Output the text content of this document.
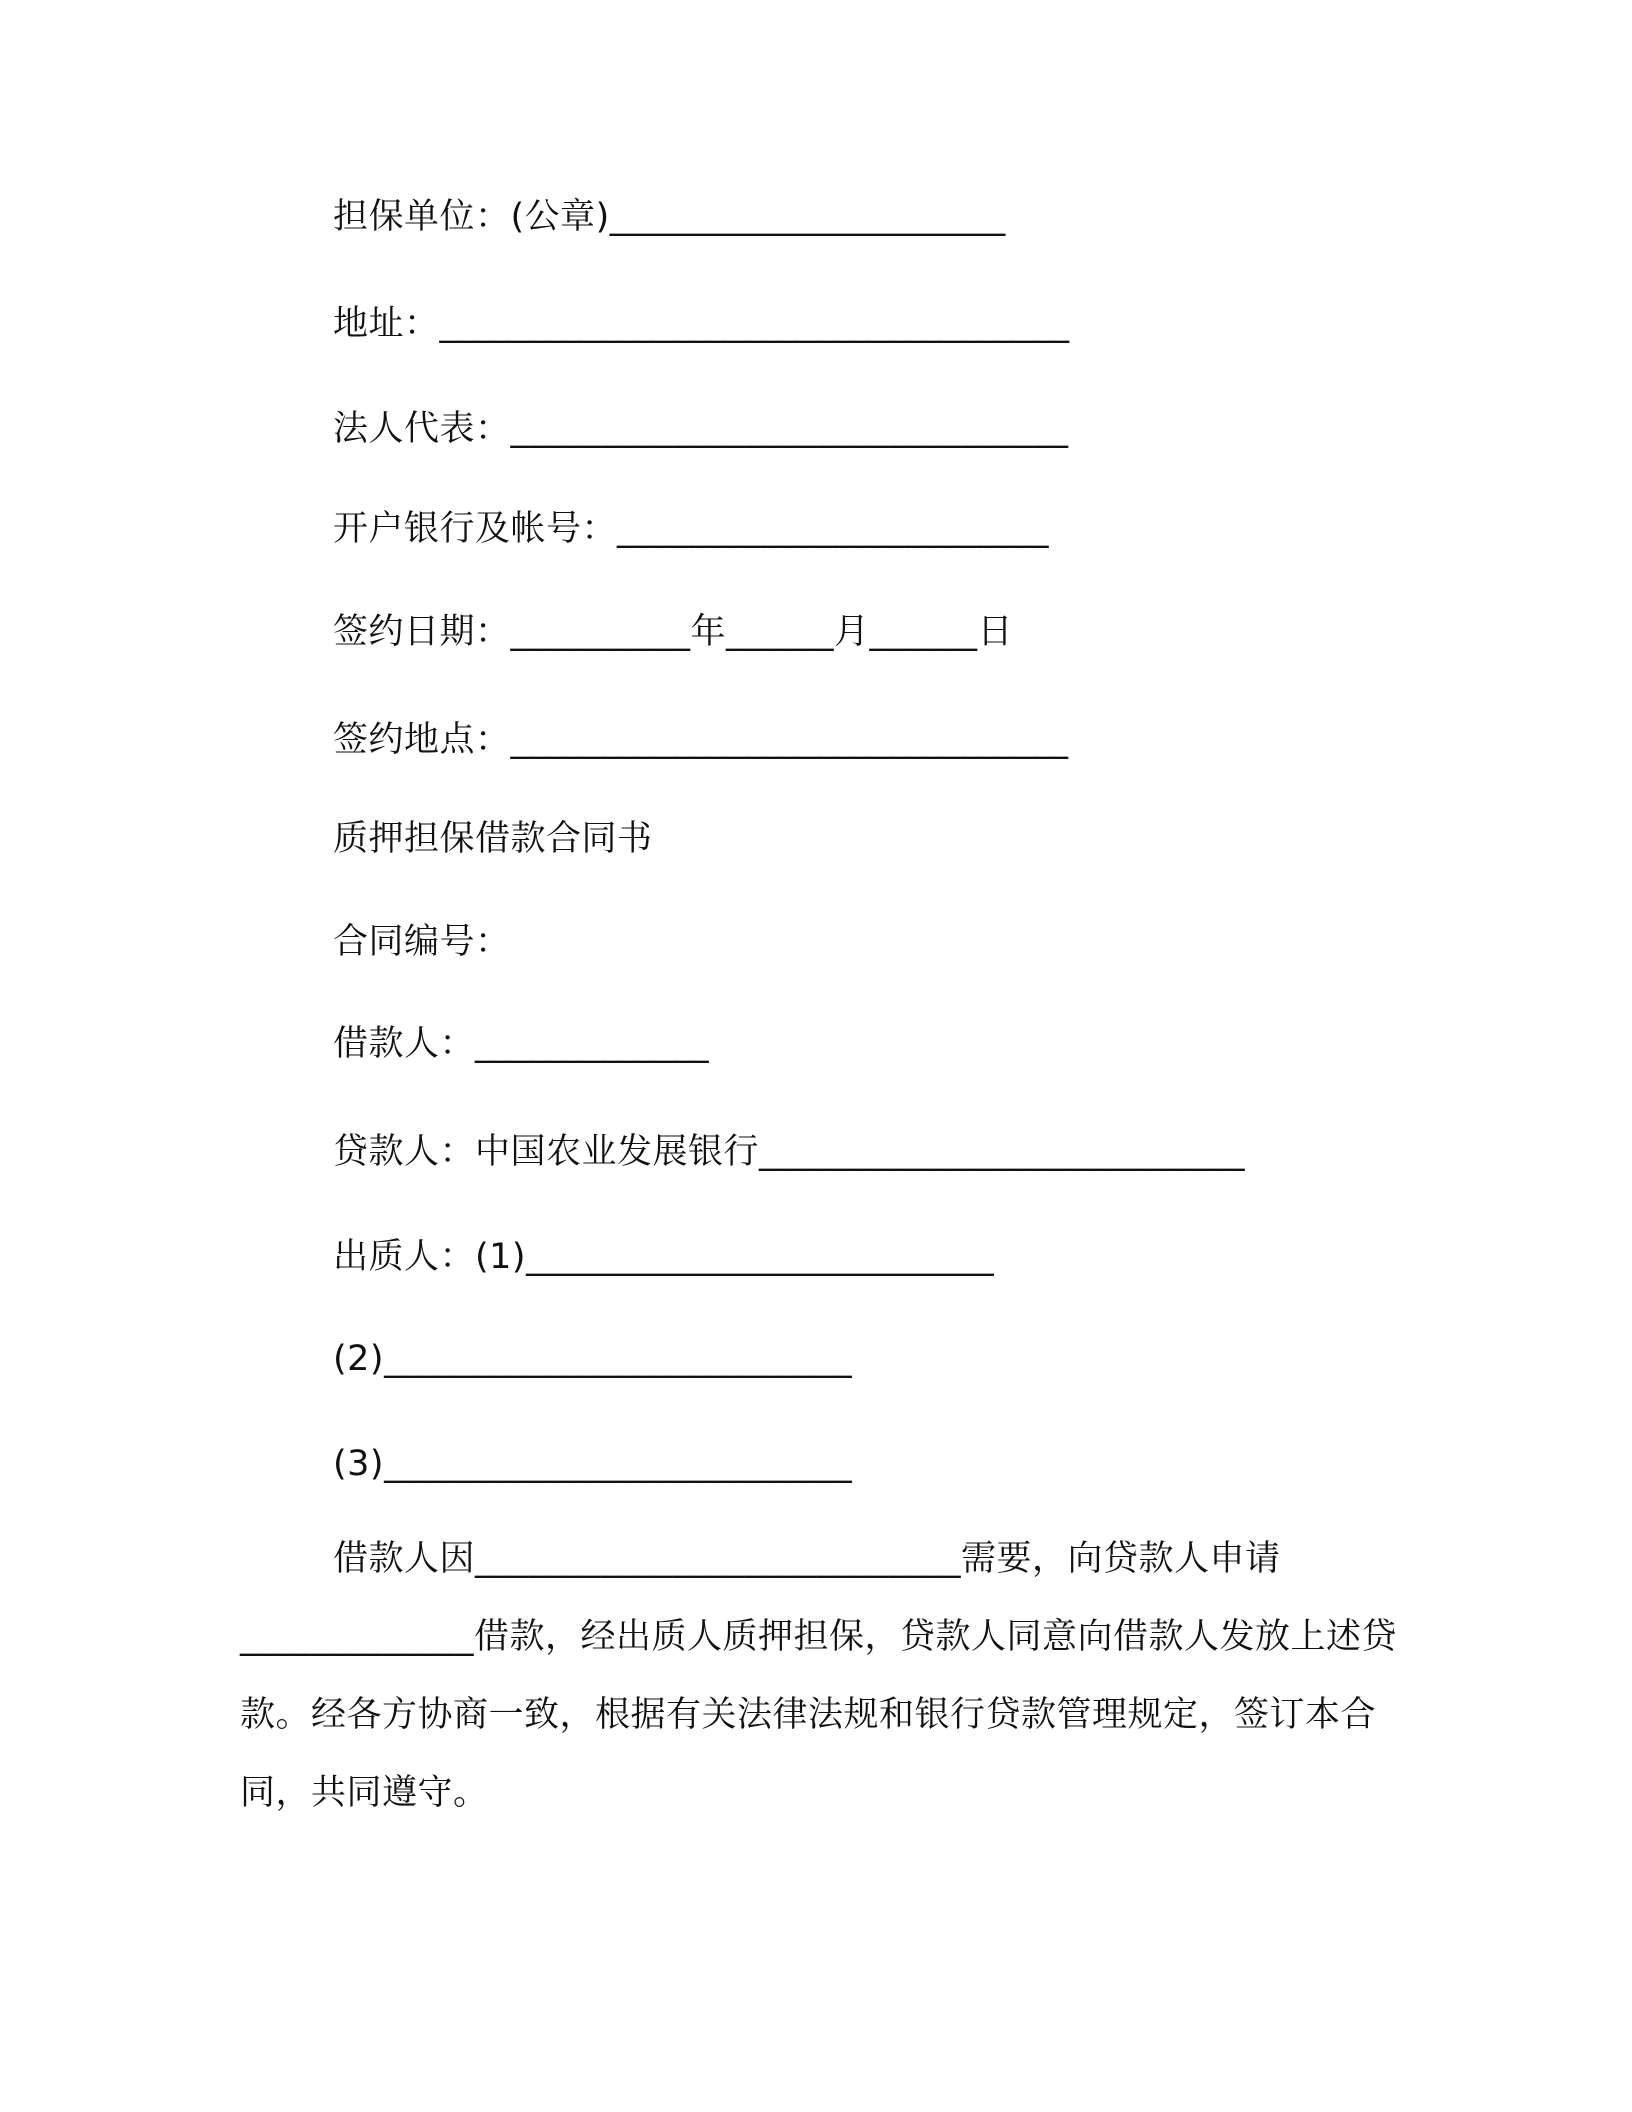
担保单位：(公章)______________________
地址：___________________________________
法人代表：_______________________________
开户银行及帐号：________________________
签约日期：__________年______月______日
签约地点：_______________________________
质押担保借款合同书
合同编号：
借款人：_____________
贷款人：中国农业发展银行___________________________
出质人：(1)__________________________
(2)__________________________
(3)__________________________
借款人因___________________________需要，向贷款人申请_____________借款，经出质人质押担保，贷款人同意向借款人发放上述贷款。经各方协商一致，根据有关法律法规和银行贷款管理规定，签订本合同，共同遵守。
